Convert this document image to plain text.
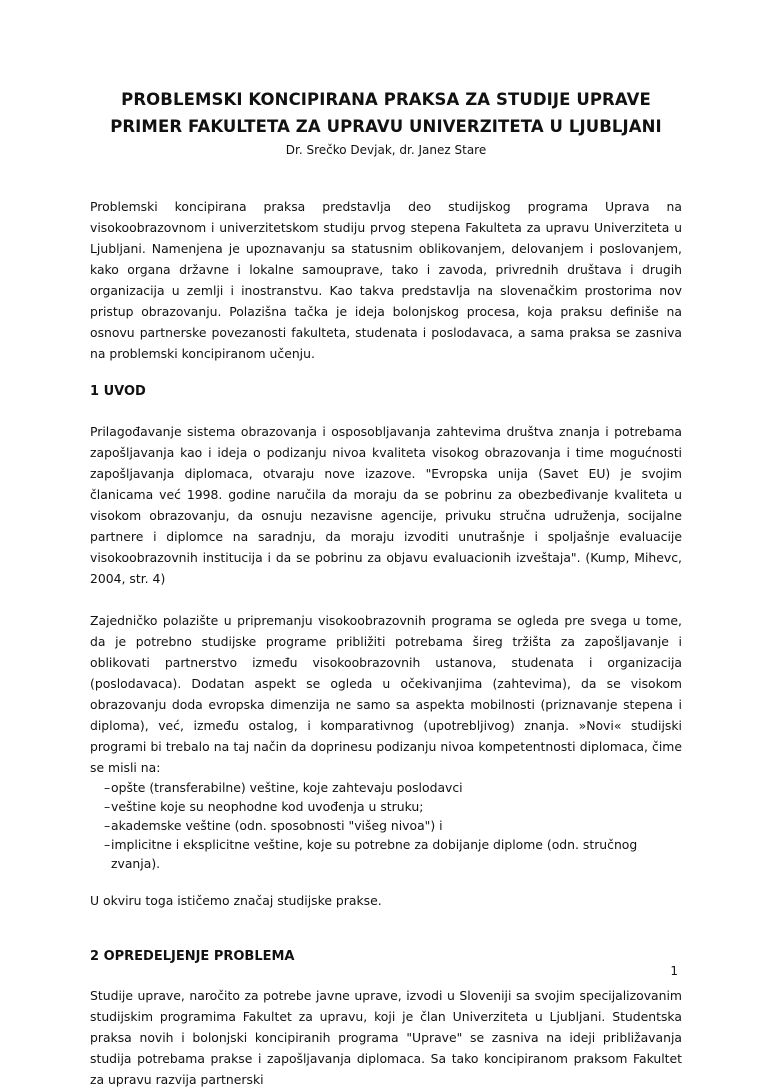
PROBLEMSKI KONCIPIRANA PRAKSA ZA STUDIJE UPRAVE
PRIMER FAKULTETA ZA UPRAVU UNIVERZITETA U LJUBLJANI

Dr. Srečko Devjak, dr. Janez Stare

Problemski koncipirana praksa predstavlja deo studijskog programa Uprava na visokoobrazovnom i univerzitetskom studiju prvog stepena Fakulteta za upravu Univerziteta u Ljubljani. Namenjena je upoznavanju sa statusnim oblikovanjem, delovanjem i poslovanjem, kako organa državne i lokalne samouprave, tako i zavoda, privrednih društava i drugih organizacija u zemlji i inostranstvu. Kao takva predstavlja na slovenačkim prostorima nov pristup obrazovanju. Polazišna tačka je ideja bolonjskog procesa, koja praksu definiše na osnovu partnerske povezanosti fakulteta, studenata i poslodavaca, a sama praksa se zasniva na problemski koncipiranom učenju.

1 UVOD

Prilagođavanje sistema obrazovanja i osposobljavanja zahtevima društva znanja i potrebama zapošljavanja kao i ideja o podizanju nivoa kvaliteta visokog obrazovanja i time mogućnosti zapošljavanja diplomaca, otvaraju nove izazove. "Evropska unija (Savet EU) je svojim članicama već 1998. godine naručila da moraju da se pobrinu za obezbeđivanje kvaliteta u visokom obrazovanju, da osnuju nezavisne agencije, privuku stručna udruženja, socijalne partnere i diplomce na saradnju, da moraju izvoditi unutrašnje i spoljašnje evaluacije visokoobrazovnih institucija i da se pobrinu za objavu evaluacionih izveštaja". (Kump, Mihevc, 2004, str. 4)

Zajedničko polazište u pripremanju visokoobrazovnih programa se ogleda pre svega u tome, da je potrebno studijske programe približiti potrebama šireg tržišta za zapošljavanje i oblikovati partnerstvo između visokoobrazovnih ustanova, studenata i organizacija (poslodavaca). Dodatan aspekt se ogleda u očekivanjima (zahtevima), da se visokom obrazovanju doda evropska dimenzija ne samo sa aspekta mobilnosti (priznavanje stepena i diploma), već, između ostalog, i komparativnog (upotrebljivog) znanja. »Novi« studijski programi bi trebalo na taj način da doprinesu podizanju nivoa kompetentnosti diplomaca, čime se misli na:

– opšte (transferabilne) veštine, koje zahtevaju poslodavci
– veštine koje su neophodne kod uvođenja u struku;
– akademske veštine (odn. sposobnosti "višeg nivoa") i
– implicitne i eksplicitne veštine, koje su potrebne za dobijanje diplome (odn. stručnog zvanja).

U okviru toga ističemo značaj studijske prakse.

2 OPREDELJENJE PROBLEMA

Studije uprave, naročito za potrebe javne uprave, izvodi u Sloveniji sa svojim specijalizovanim studijskim programima Fakultet za upravu, koji je član Univerziteta u Ljubljani. Studentska praksa novih i bolonjski koncipiranih programa "Uprave" se zasniva na ideji približavanja studija potrebama prakse i zapošljavanja diplomaca. Sa tako koncipiranom praksom Fakultet za upravu razvija partnerski

1
